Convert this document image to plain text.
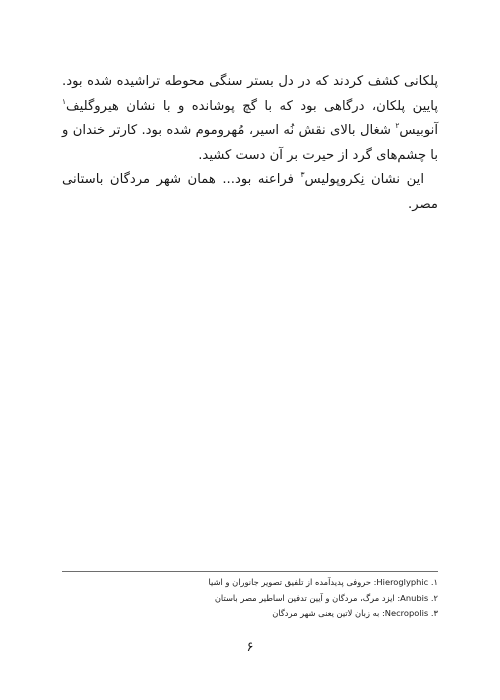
پلکانی کشف کردند که در دل بستر سنگی محوطه تراشیده شده بود. پایین پلکان، درگاهی بود که با گچ پوشانده و با نشان هیروگلیف$^۱$ آنوبیس$^۲$ شغال بالای نقش نُه اسیر، مُهروموم شده بود. کارتر خندان و با چشم‌های گرد از حیرت بر آن دست کشید.

این نشان نِکروپولیس$^۳$ فراعنه بود... همان شهر مردگان باستانی مصر.

۱. Hieroglyphic: حروفی پدیدآمده از تلفیق تصویر جانوران و اشیا

۲. Anubis: ایزد مرگ، مردگان و آیین تدفین اساطیر مصر باستان

۳. Necropolis: به زبان لاتین یعنی شهر مردگان

۶
